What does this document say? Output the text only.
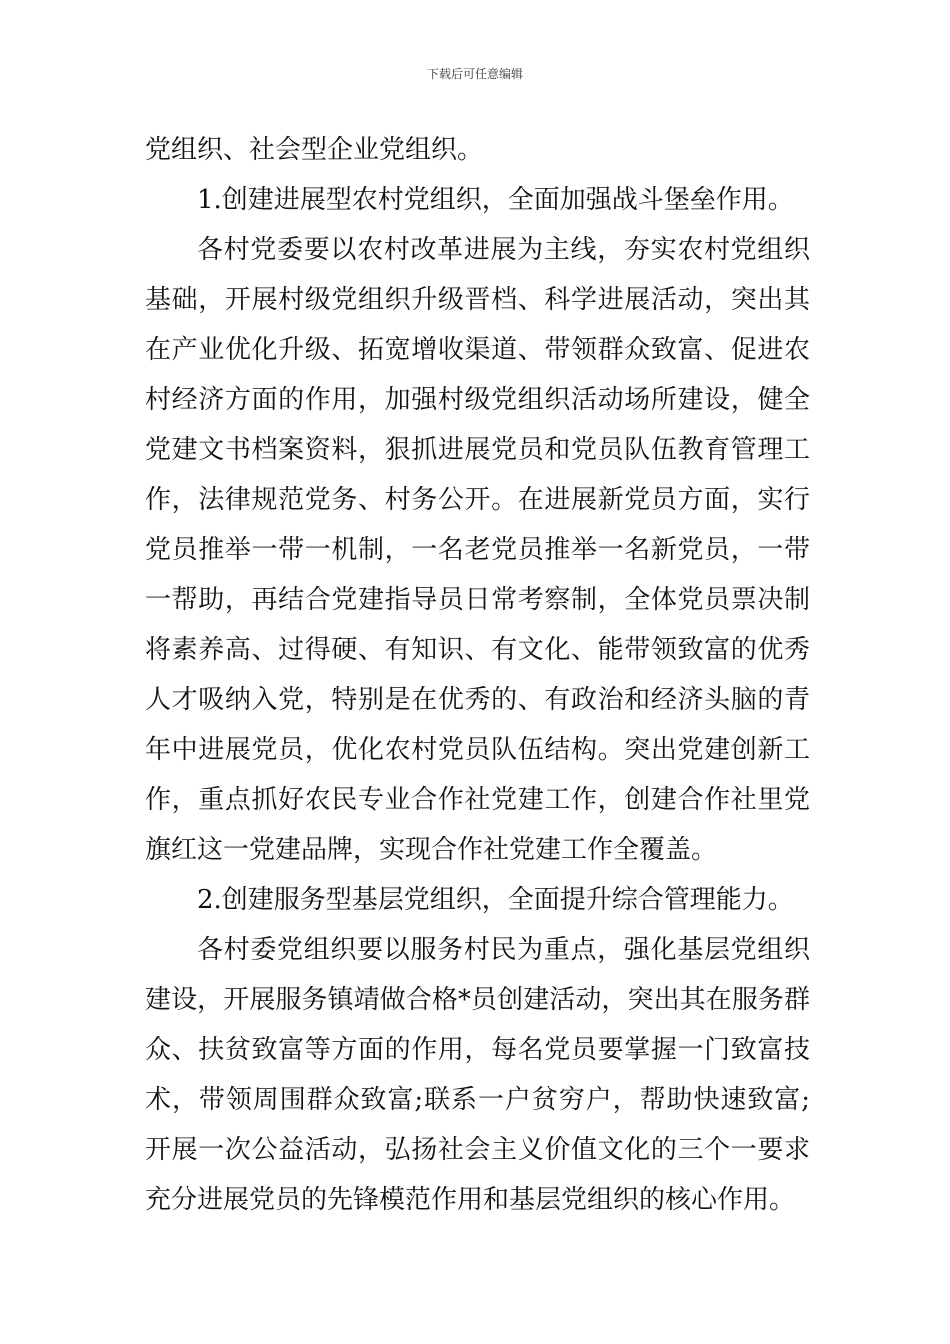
下载后可任意编辑

党组织、社会型企业党组织。

1.创建进展型农村党组织，全面加强战斗堡垒作用。

各村党委要以农村改革进展为主线，夯实农村党组织基础，开展村级党组织升级晋档、科学进展活动，突出其在产业优化升级、拓宽增收渠道、带领群众致富、促进农村经济方面的作用，加强村级党组织活动场所建设，健全党建文书档案资料，狠抓进展党员和党员队伍教育管理工作，法律规范党务、村务公开。在进展新党员方面，实行党员推举一带一机制，一名老党员推举一名新党员，一带一帮助，再结合党建指导员日常考察制，全体党员票决制将素养高、过得硬、有知识、有文化、能带领致富的优秀人才吸纳入党，特别是在优秀的、有政治和经济头脑的青年中进展党员，优化农村党员队伍结构。突出党建创新工作，重点抓好农民专业合作社党建工作，创建合作社里党旗红这一党建品牌，实现合作社党建工作全覆盖。

2.创建服务型基层党组织，全面提升综合管理能力。

各村委党组织要以服务村民为重点，强化基层党组织建设，开展服务镇靖做合格*员创建活动，突出其在服务群众、扶贫致富等方面的作用，每名党员要掌握一门致富技术，带领周围群众致富;联系一户贫穷户，帮助快速致富;开展一次公益活动，弘扬社会主义价值文化的三个一要求充分进展党员的先锋模范作用和基层党组织的核心作用。
